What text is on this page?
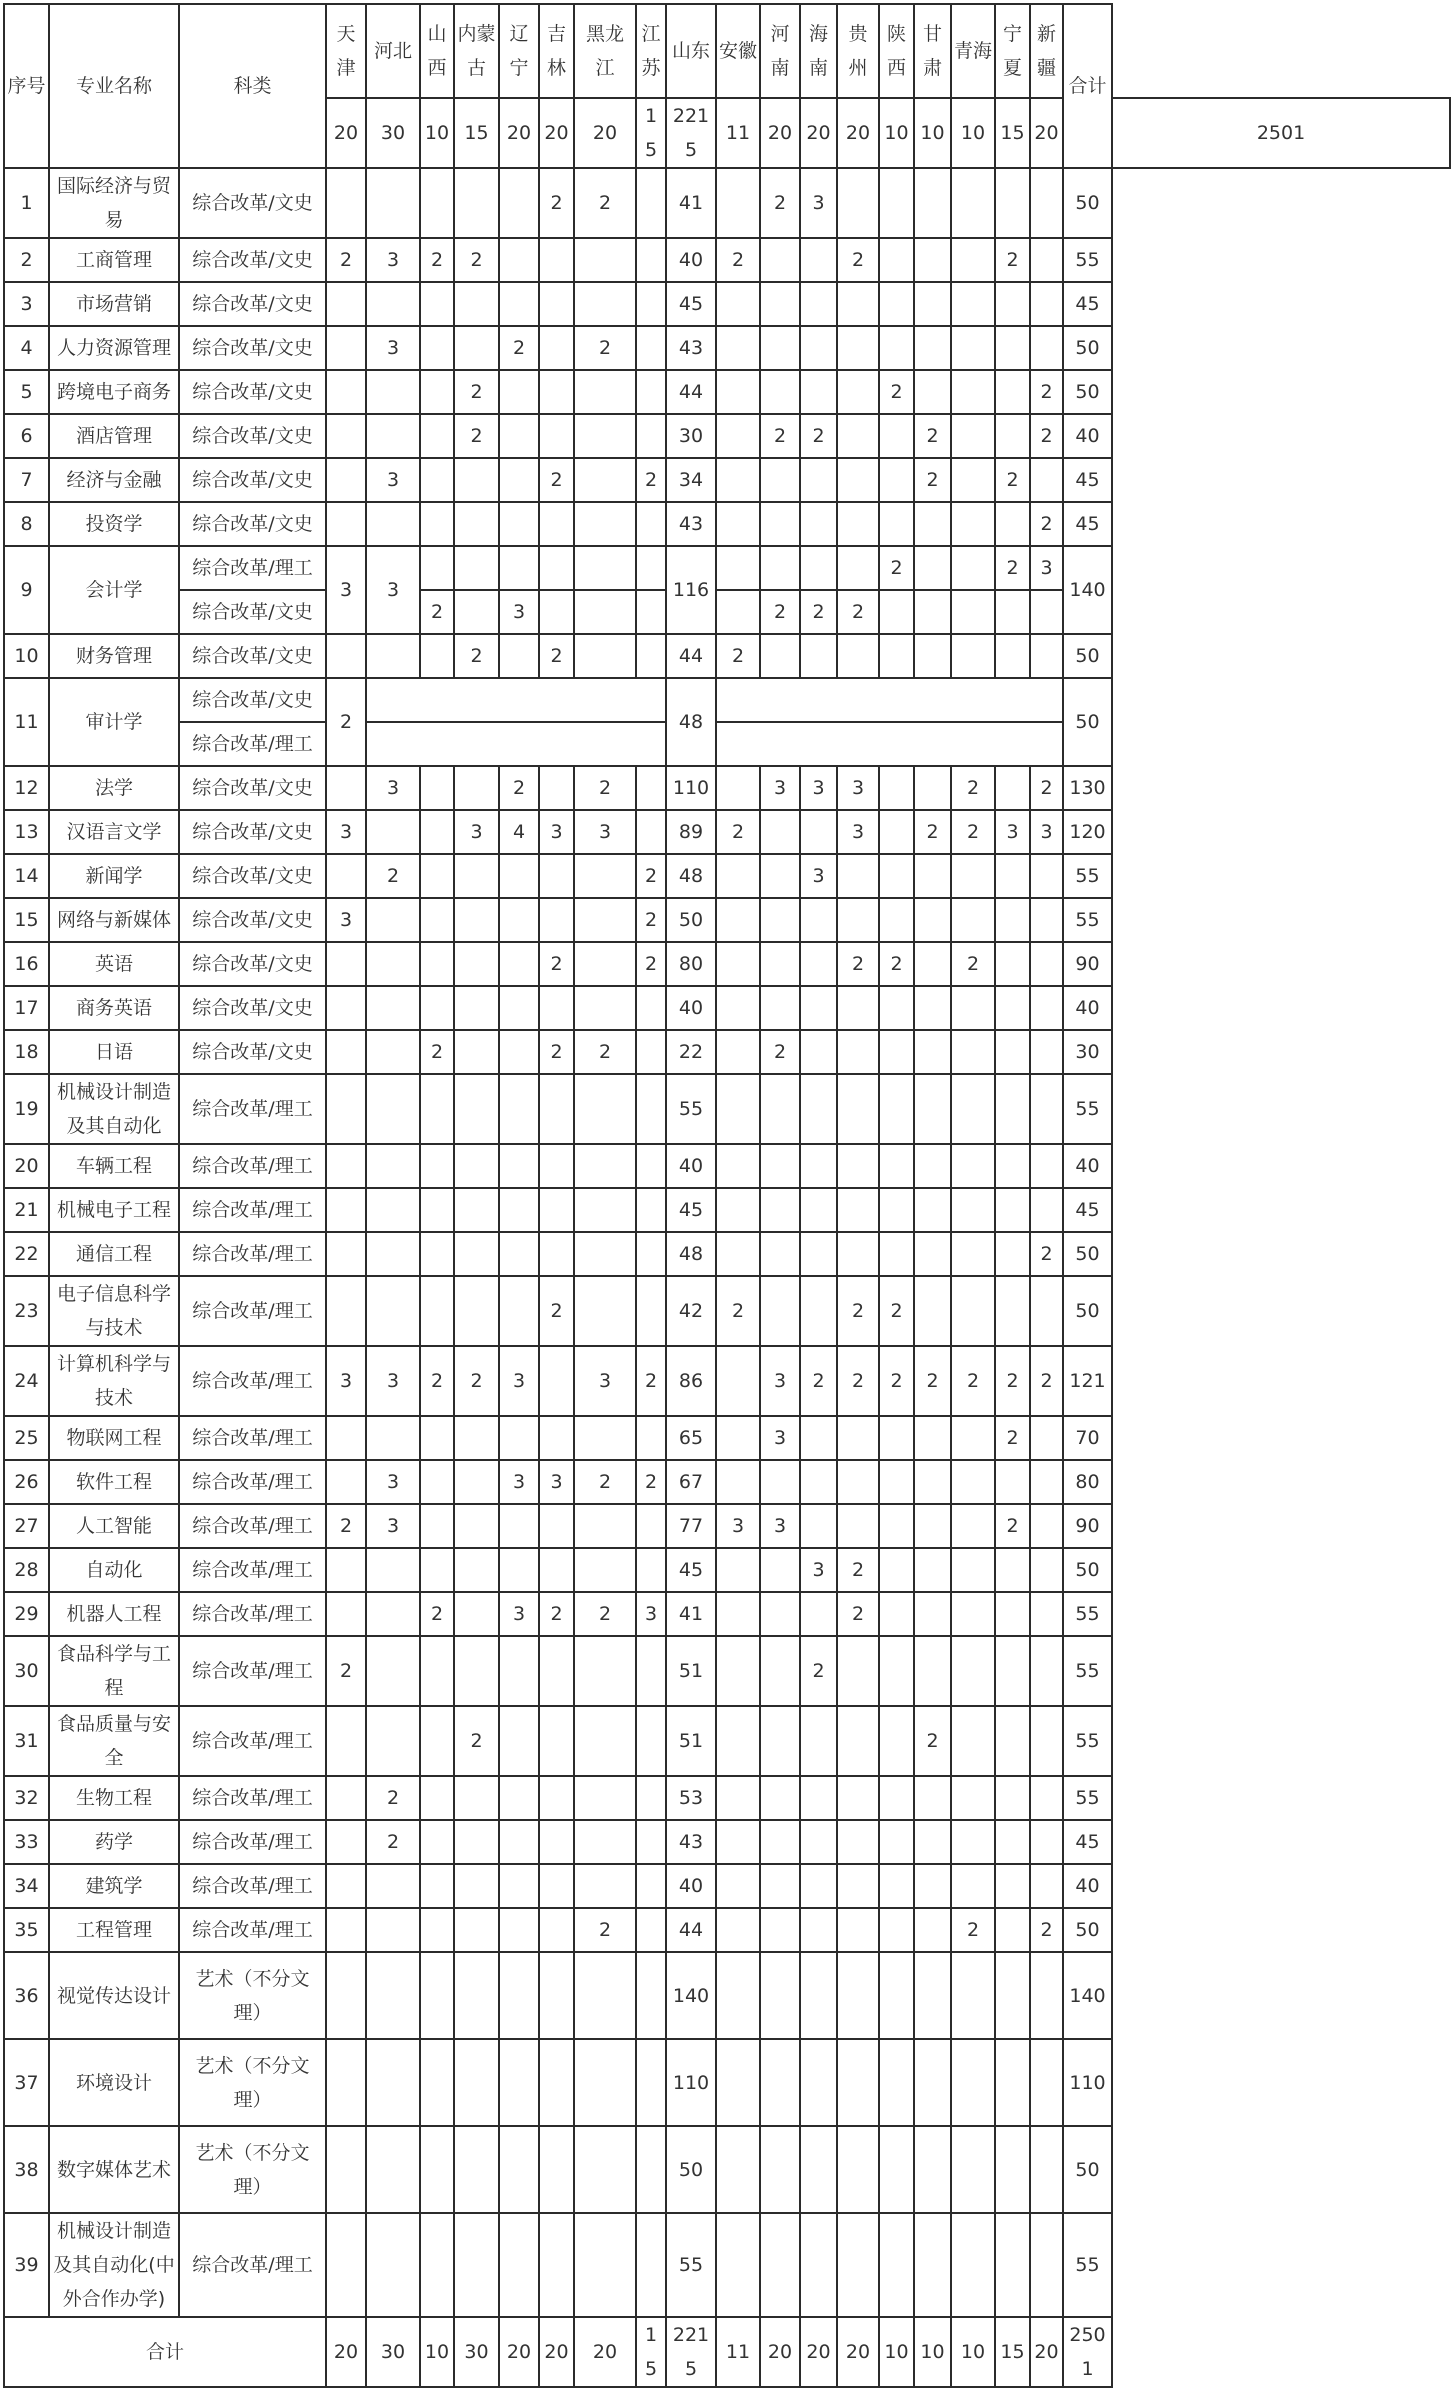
序号	专业名称	科类	天津	河北	山西	内蒙古	辽宁	吉林	黑龙江	江苏	山东	安徽	河南	海南	贵州	陕西	甘肃	青海	宁夏	新疆	合计	
			20	30	10	15	20	20	20	15	2215	11	20	20	20	10	10	10	15	20		2501
1	国际经济与贸易	综合改革/文史						2	2		41		2	3							50	
2	工商管理	综合改革/文史	2	3	2	2					40	2			2				2		55	
3	市场营销	综合改革/文史									45										45	
4	人力资源管理	综合改革/文史		3			2		2		43										50	
5	跨境电子商务	综合改革/文史				2					44					2				2	50	
6	酒店管理	综合改革/文史				2					30		2	2			2			2	40	
7	经济与金融	综合改革/文史		3				2		2	34						2		2		45	
8	投资学	综合改革/文史									43									2	45	
9	会计学	综合改革/理工	3	3							116					2			2	3	140	
		综合改革/文史			2		3						2	2	2							
10	财务管理	综合改革/文史				2		2			44	2									50	
11	审计学	综合改革/文史	2								48										50	
		综合改革/理工																				
12	法学	综合改革/文史		3			2		2		110		3	3	3			2		2	130	
13	汉语言文学	综合改革/文史	3			3	4	3	3		89	2			3		2	2	3	3	120	
14	新闻学	综合改革/文史		2						2	48			3							55	
15	网络与新媒体	综合改革/文史	3							2	50										55	
16	英语	综合改革/文史						2		2	80				2	2		2			90	
17	商务英语	综合改革/文史									40										40	
18	日语	综合改革/文史			2			2	2		22		2								30	
19	机械设计制造及其自动化	综合改革/理工									55										55	
20	车辆工程	综合改革/理工									40										40	
21	机械电子工程	综合改革/理工									45										45	
22	通信工程	综合改革/理工									48									2	50	
23	电子信息科学与技术	综合改革/理工						2			42	2			2	2					50	
24	计算机科学与技术	综合改革/理工	3	3	2	2	3		3	2	86		3	2	2	2	2	2	2	2	121	
25	物联网工程	综合改革/理工									65		3						2		70	
26	软件工程	综合改革/理工		3			3	3	2	2	67										80	
27	人工智能	综合改革/理工	2	3							77	3	3						2		90	
28	自动化	综合改革/理工									45			3	2						50	
29	机器人工程	综合改革/理工			2		3	2	2	3	41				2						55	
30	食品科学与工程	综合改革/理工	2								51			2							55	
31	食品质量与安全	综合改革/理工				2					51						2				55	
32	生物工程	综合改革/理工		2							53										55	
33	药学	综合改革/理工		2							43										45	
34	建筑学	综合改革/理工									40										40	
35	工程管理	综合改革/理工							2		44							2		2	50	
36	视觉传达设计	艺术（不分文理）									140										140	
37	环境设计	艺术（不分文理）									110										110	
38	数字媒体艺术	艺术（不分文理）									50										50	
39	机械设计制造及其自动化(中外合作办学)	综合改革/理工									55										55	
合计			20	30	10	30	20	20	20	15	2215	11	20	20	20	10	10	10	15	20	2501	
